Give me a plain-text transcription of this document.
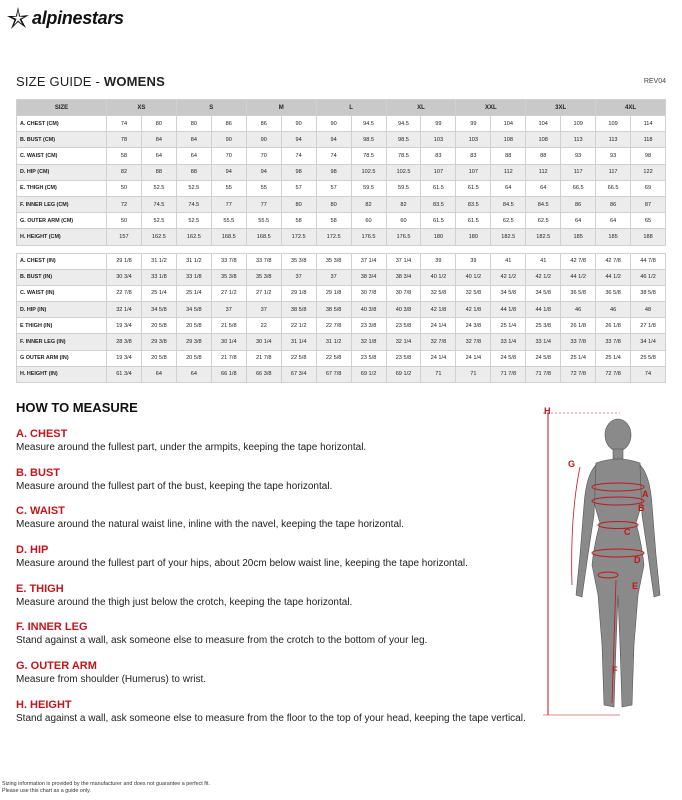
alpinestars
SIZE GUIDE - WOMENS	REV04
SIZE	XS		S		M		L		XL		XXL		3XL		4XL	
A. CHEST (CM)	74	80	80	86	86	90	90	94.5	94.5	99	99	104	104	109	109	114
B. BUST (CM)	78	84	84	90	90	94	94	98.5	98.5	103	103	108	108	113	113	118
C. WAIST (CM)	58	64	64	70	70	74	74	78.5	78.5	83	83	88	88	93	93	98
D. HIP (CM)	82	88	88	94	94	98	98	102.5	102.5	107	107	112	112	117	117	122
E. THIGH (CM)	50	52.5	52.5	55	55	57	57	59.5	59.5	61.5	61.5	64	64	66.5	66.5	69
F. INNER LEG (CM)	72	74.5	74.5	77	77	80	80	82	82	83.5	83.5	84.5	84.5	86	86	87
G. OUTER ARM (CM)	50	52.5	52.5	55.5	55.5	58	58	60	60	61.5	61.5	62.5	62.5	64	64	65
H. HEIGHT (CM)	157	162.5	162.5	168.5	168.5	172.5	172.5	176.5	176.5	180	180	182.5	182.5	185	185	188

A. CHEST (IN)	29 1/8	31 1/2	31 1/2	33 7/8	33 7/8	35 3/8	35 3/8	37 1/4	37 1/4	39	39	41	41	42 7/8	42 7/8	44 7/8
B. BUST (IN)	30 3/4	33 1/8	33 1/8	35 3/8	35 3/8	37	37	38 3/4	38 3/4	40 1/2	40 1/2	42 1/2	42 1/2	44 1/2	44 1/2	46 1/2
C. WAIST (IN)	22 7/8	25 1/4	25 1/4	27 1/2	27 1/2	29 1/8	29 1/8	30 7/8	30 7/8	32 5/8	32 5/8	34 5/8	34 5/8	36 5/8	36 5/8	38 5/8
D. HIP (IN)	32 1/4	34 5/8	34 5/8	37	37	38 5/8	38 5/8	40 3/8	40 3/8	42 1/8	42 1/8	44 1/8	44 1/8	46	46	48
E THIGH (IN)	19 3/4	20 5/8	20 5/8	21 5/8	22	22 1/2	22 7/8	23 3/8	23 5/8	24 1/4	24 3/8	25 1/4	25 3/8	26 1/8	26 1/8	27 1/8
F. INNER LEG (IN)	28 3/8	29 3/8	29 3/8	30 1/4	30 1/4	31 1/4	31 1/2	32 1/8	32 1/4	32 7/8	32 7/8	33 1/4	33 1/4	33 7/8	33 7/8	34 1/4
G OUTER ARM (IN)	19 3/4	20 5/8	20 5/8	21 7/8	21 7/8	22 5/8	22 5/8	23 5/8	23 5/8	24 1/4	24 1/4	24 5/8	24 5/8	25 1/4	25 1/4	25 5/8
H. HEIGHT (IN)	61 3/4	64	64	66 1/8	66 3/8	67 3/4	67 7/8	69 1/2	69 1/2	71	71	71 7/8	71 7/8	72 7/8	72 7/8	74
HOW TO MEASURE
A. CHEST
Measure around the fullest part, under the armpits, keeping the tape horizontal.
B. BUST
Measure around the fullest part of the bust, keeping the tape horizontal.
C. WAIST
Measure around the natural waist line, inline with the navel, keeping the tape horizontal.
D. HIP
Measure around the fullest part of your hips, about 20cm below waist line, keeping the tape horizontal.
E. THIGH
Measure around the thigh just below the crotch, keeping the tape horizontal.
F. INNER LEG
Stand against a wall, ask someone else to measure from the crotch to the bottom of your leg.
G. OUTER ARM
Measure from shoulder (Humerus) to wrist.
H. HEIGHT
Stand against a wall, ask someone else to measure from the floor to the top of your head, keeping the tape vertical.
H
G
A
B
C
D
E
F
Sizing information is provided by the manufacturer and does not guarantee a perfect fit.
Please use this chart as a guide only.
